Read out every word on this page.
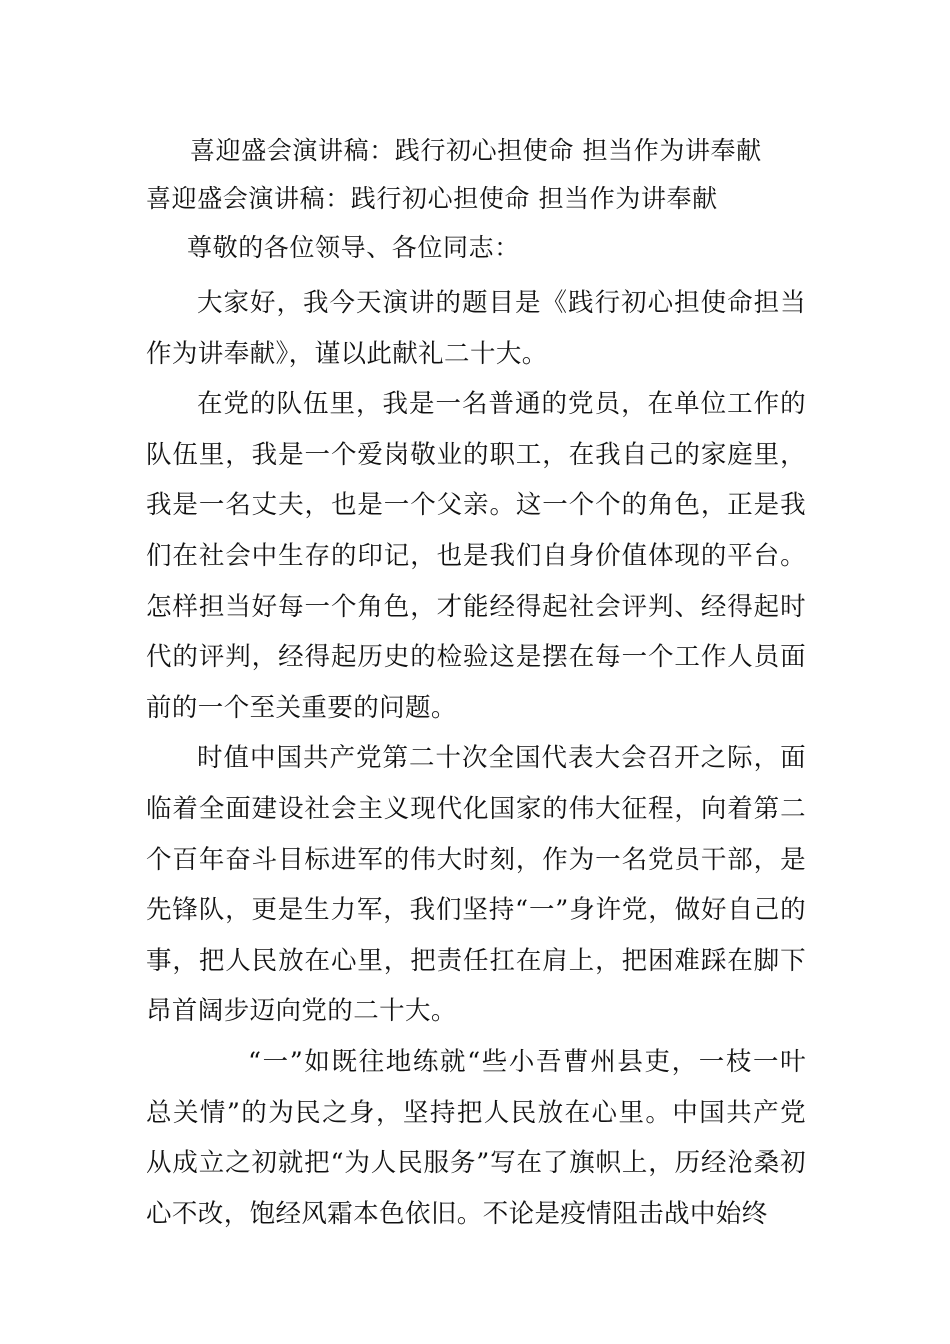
喜迎盛会演讲稿：践行初心担使命 担当作为讲奉献
喜迎盛会演讲稿：践行初心担使命 担当作为讲奉献
尊敬的各位领导、各位同志：

大家好，我今天演讲的题目是《践行初心担使命担当作为讲奉献》，谨以此献礼二十大。

在党的队伍里，我是一名普通的党员，在单位工作的队伍里，我是一个爱岗敬业的职工，在我自己的家庭里，我是一名丈夫，也是一个父亲。这一个个的角色，正是我们在社会中生存的印记，也是我们自身价值体现的平台。怎样担当好每一个角色，才能经得起社会评判、经得起时代的评判，经得起历史的检验这是摆在每一个工作人员面前的一个至关重要的问题。

时值中国共产党第二十次全国代表大会召开之际，面临着全面建设社会主义现代化国家的伟大征程，向着第二个百年奋斗目标进军的伟大时刻，作为一名党员干部，是先锋队，更是生力军，我们坚持“一”身许党，做好自己的事，把人民放在心里，把责任扛在肩上，把困难踩在脚下昂首阔步迈向党的二十大。

“一”如既往地练就“些小吾曹州县吏，一枝一叶总关情”的为民之身，坚持把人民放在心里。中国共产党从成立之初就把“为人民服务”写在了旗帜上，历经沧桑初心不改，饱经风霜本色依旧。不论是疫情阻击战中始终
